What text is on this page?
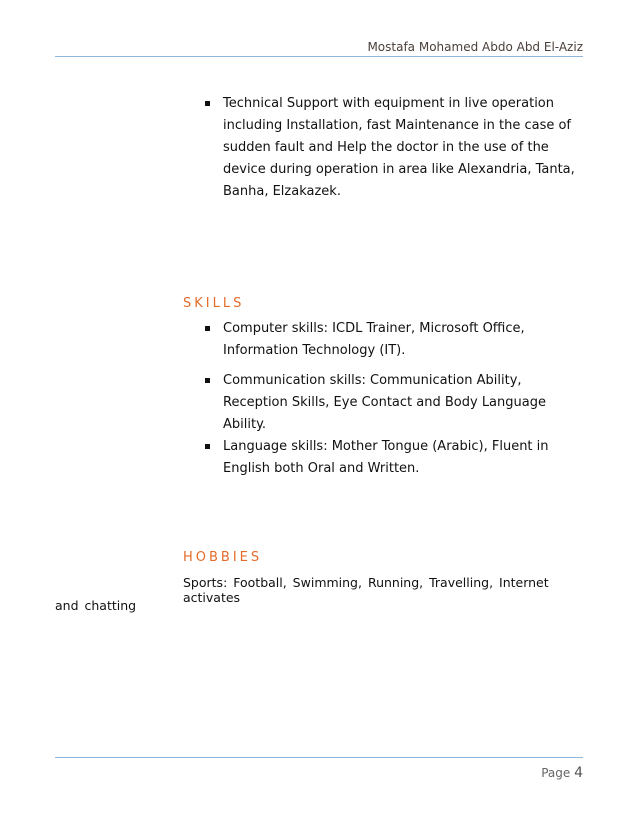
Mostafa Mohamed Abdo Abd El-Aziz
Technical Support with equipment in live operation including Installation, fast Maintenance in the case of sudden fault and Help the doctor in the use of the device during operation in area like Alexandria, Tanta, Banha, Elzakazek.
SKILLS
Computer skills: ICDL Trainer, Microsoft Office, Information Technology (IT).
Communication skills: Communication Ability, Reception Skills, Eye Contact and Body Language Ability.
Language skills: Mother Tongue (Arabic), Fluent in English both Oral and Written.
HOBBIES
Sports: Football, Swimming, Running, Travelling, Internet activates
and chatting
Page 4
